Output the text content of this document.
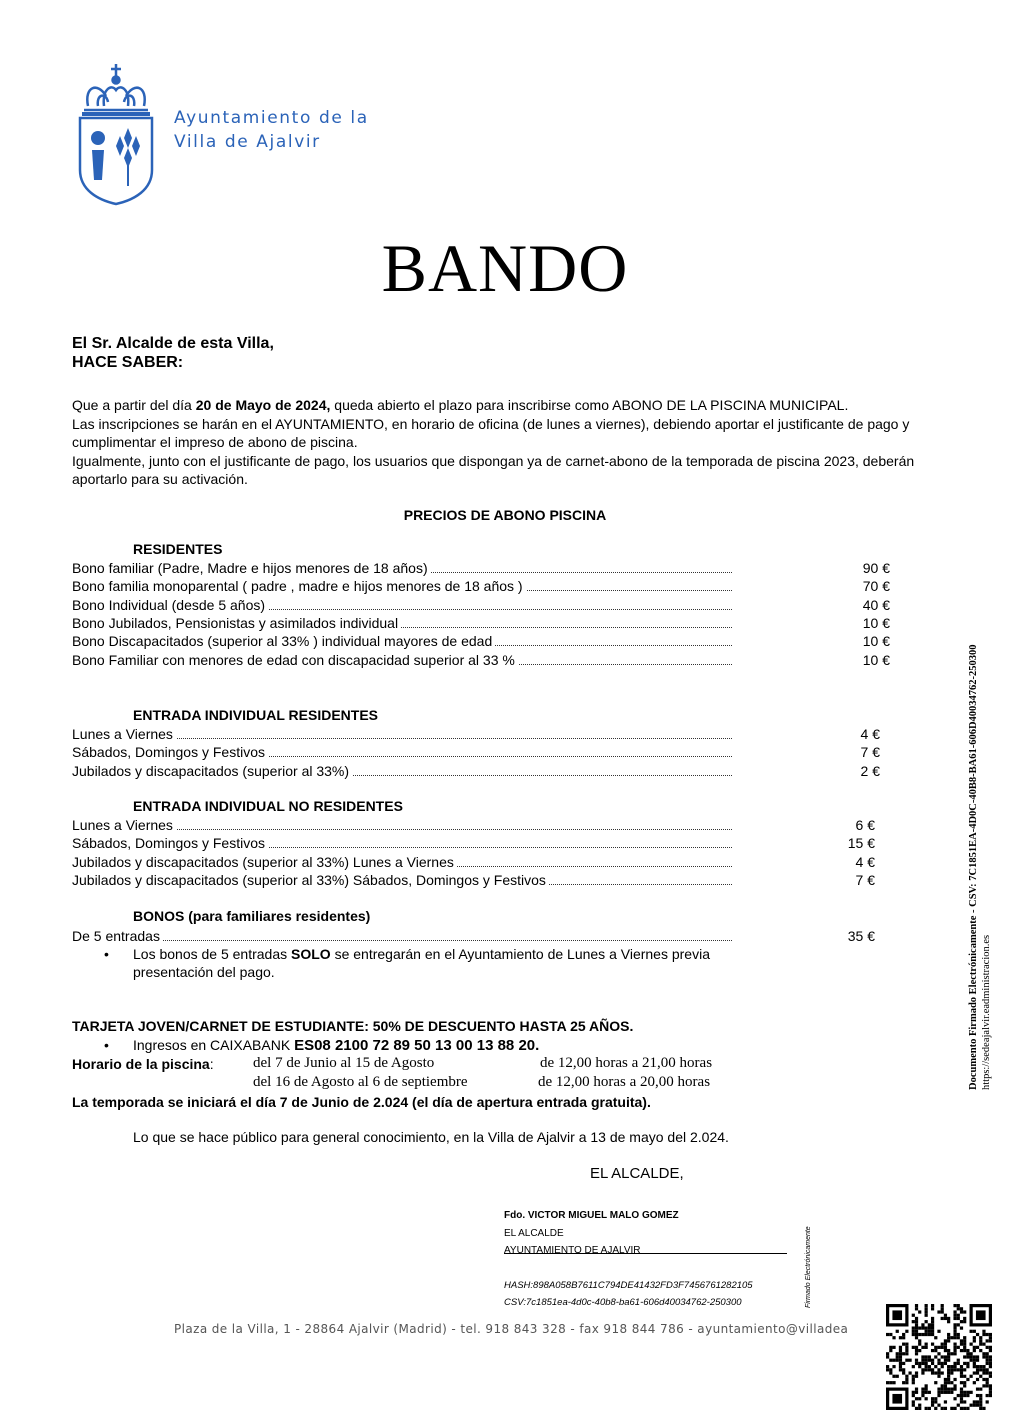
Ayuntamiento de la
Villa de Ajalvir
BANDO
El Sr. Alcalde de esta Villa,
HACE SABER:
Que a partir del día 20 de Mayo de 2024, queda abierto el plazo para inscribirse como ABONO DE LA PISCINA MUNICIPAL.
Las inscripciones se harán en el AYUNTAMIENTO, en horario de oficina (de lunes a viernes), debiendo aportar el justificante de pago y cumplimentar el impreso de abono de piscina.
Igualmente, junto con el justificante de pago, los usuarios que dispongan ya de carnet-abono de la temporada de piscina 2023, deberán aportarlo para su activación.
PRECIOS DE ABONO PISCINA
RESIDENTES
Bono familiar (Padre, Madre e hijos menores de 18 años)	90 €
Bono familia monoparental ( padre , madre e hijos menores de 18 años )	70 €
Bono Individual (desde 5 años)	40 €
Bono Jubilados, Pensionistas y asimilados individual	10 €
Bono Discapacitados (superior al 33% ) individual mayores de edad	10 €
Bono Familiar con menores de edad con discapacidad superior al 33 %	10 €
ENTRADA INDIVIDUAL RESIDENTES
Lunes a Viernes	4 €
Sábados, Domingos y Festivos	7 €
Jubilados y discapacitados (superior al 33%)	2 €
ENTRADA INDIVIDUAL NO RESIDENTES
Lunes a Viernes	6 €
Sábados, Domingos y Festivos	15 €
Jubilados y discapacitados (superior al 33%) Lunes a Viernes	4 €
Jubilados y discapacitados (superior al 33%) Sábados, Domingos y Festivos	7 €
BONOS (para familiares residentes)
De 5 entradas	35 €
• Los bonos de 5 entradas SOLO se entregarán en el Ayuntamiento de Lunes a Viernes previa
presentación del pago.
TARJETA JOVEN/CARNET DE ESTUDIANTE: 50% DE DESCUENTO HASTA 25 AÑOS.
• Ingresos en CAIXABANK ES08 2100 72 89 50 13 00 13 88 20.
Horario de la piscina:	del 7 de Junio al 15 de Agosto	de 12,00 horas a 21,00 horas
del 16 de Agosto al 6 de septiembre	de 12,00 horas a 20,00 horas
La temporada se iniciará el día 7 de Junio de 2.024 (el día de apertura entrada gratuita).
Lo que se hace público para general conocimiento, en la Villa de Ajalvir a 13 de mayo del 2.024.
EL ALCALDE,
Fdo. VICTOR MIGUEL MALO GOMEZ
EL ALCALDE
AYUNTAMIENTO DE AJALVIR
HASH:898A058B7611C794DE41432FD3F7456761282105
CSV:7c1851ea-4d0c-40b8-ba61-606d40034762-250300	Firmado Electrónicamente
Documento Firmado Electrónicamente - CSV: 7C1851EA-4D0C-40B8-BA61-606D40034762-250300 https://sedeajalvir.eadministracion.es
Plaza de la Villa, 1 - 28864 Ajalvir (Madrid) - tel. 918 843 328 - fax 918 844 786 - ayuntamiento@villadea
